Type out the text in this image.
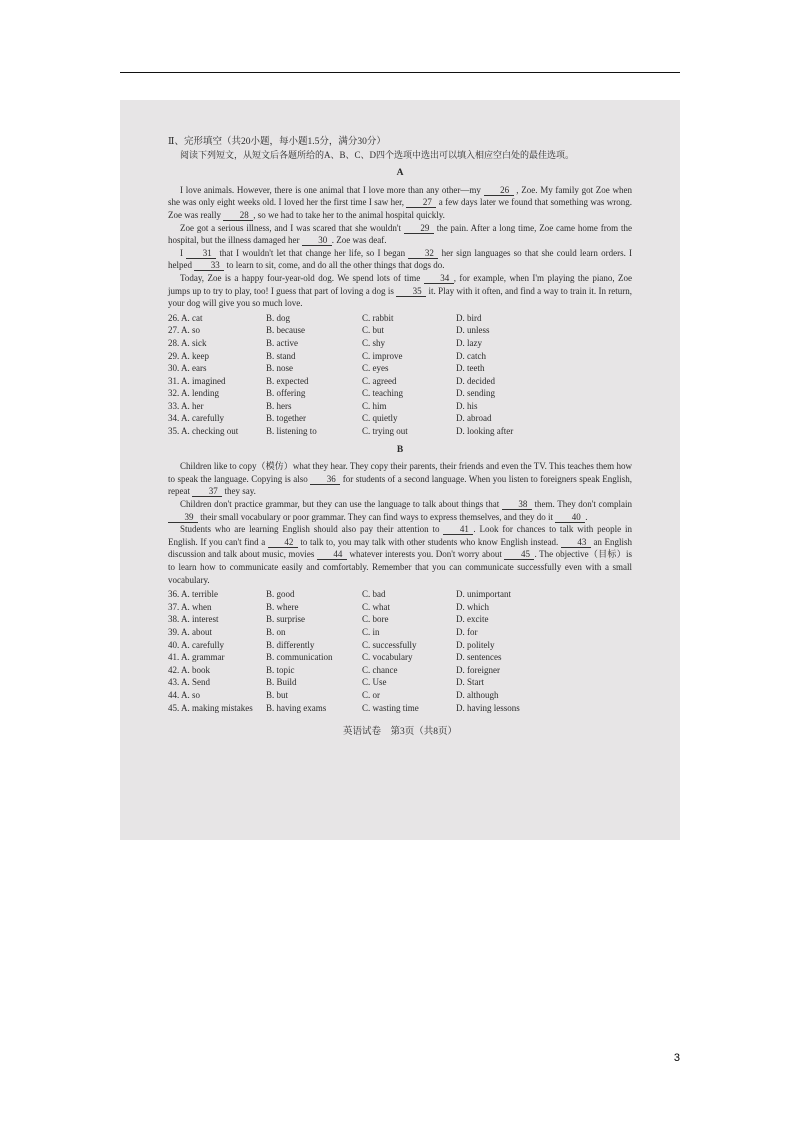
Ⅱ、完形填空（共20小题，每小题1.5分，满分30分）

阅读下列短文，从短文后各题所给的A、B、C、D四个选项中选出可以填入相应空白处的最佳选项。

A

I love animals. However, there is one animal that I love more than any other—my 26 , Zoe. My family got Zoe when she was only eight weeks old. I loved her the first time I saw her, 27 a few days later we found that something was wrong. Zoe was really 28 , so we had to take her to the animal hospital quickly.

Zoe got a serious illness, and I was scared that she wouldn't 29 the pain. After a long time, Zoe came home from the hospital, but the illness damaged her 30 . Zoe was deaf.

I 31 that I wouldn't let that change her life, so I began 32 her sign languages so that she could learn orders. I helped 33 to learn to sit, come, and do all the other things that dogs do.

Today, Zoe is a happy four-year-old dog. We spend lots of time 34 , for example, when I'm playing the piano, Zoe jumps up to try to play, too! I guess that part of loving a dog is 35 it. Play with it often, and find a way to train it. In return, your dog will give you so much love.

26. A. cat	B. dog	C. rabbit	D. bird
27. A. so	B. because	C. but	D. unless
28. A. sick	B. active	C. shy	D. lazy
29. A. keep	B. stand	C. improve	D. catch
30. A. ears	B. nose	C. eyes	D. teeth
31. A. imagined	B. expected	C. agreed	D. decided
32. A. lending	B. offering	C. teaching	D. sending
33. A. her	B. hers	C. him	D. his
34. A. carefully	B. together	C. quietly	D. abroad
35. A. checking out	B. listening to	C. trying out	D. looking after
B

Children like to copy（模仿）what they hear. They copy their parents, their friends and even the TV. This teaches them how to speak the language. Copying is also 36 for students of a second language. When you listen to foreigners speak English, repeat 37 they say.

Children don't practice grammar, but they can use the language to talk about things that 38 them. They don't complain 39 their small vocabulary or poor grammar. They can find ways to express themselves, and they do it 40 .

Students who are learning English should also pay their attention to 41 . Look for chances to talk with people in English. If you can't find a 42 to talk to, you may talk with other students who know English instead. 43 an English discussion and talk about music, movies 44 whatever interests you. Don't worry about 45 . The objective（目标）is to learn how to communicate easily and comfortably. Remember that you can communicate successfully even with a small vocabulary.

36. A. terrible	B. good	C. bad	D. unimportant
37. A. when	B. where	C. what	D. which
38. A. interest	B. surprise	C. bore	D. excite
39. A. about	B. on	C. in	D. for
40. A. carefully	B. differently	C. successfully	D. politely
41. A. grammar	B. communication	C. vocabulary	D. sentences
42. A. book	B. topic	C. chance	D. foreigner
43. A. Send	B. Build	C. Use	D. Start
44. A. so	B. but	C. or	D. although
45. A. making mistakes	B. having exams	C. wasting time	D. having lessons
英语试卷　第3页（共8页）
3
